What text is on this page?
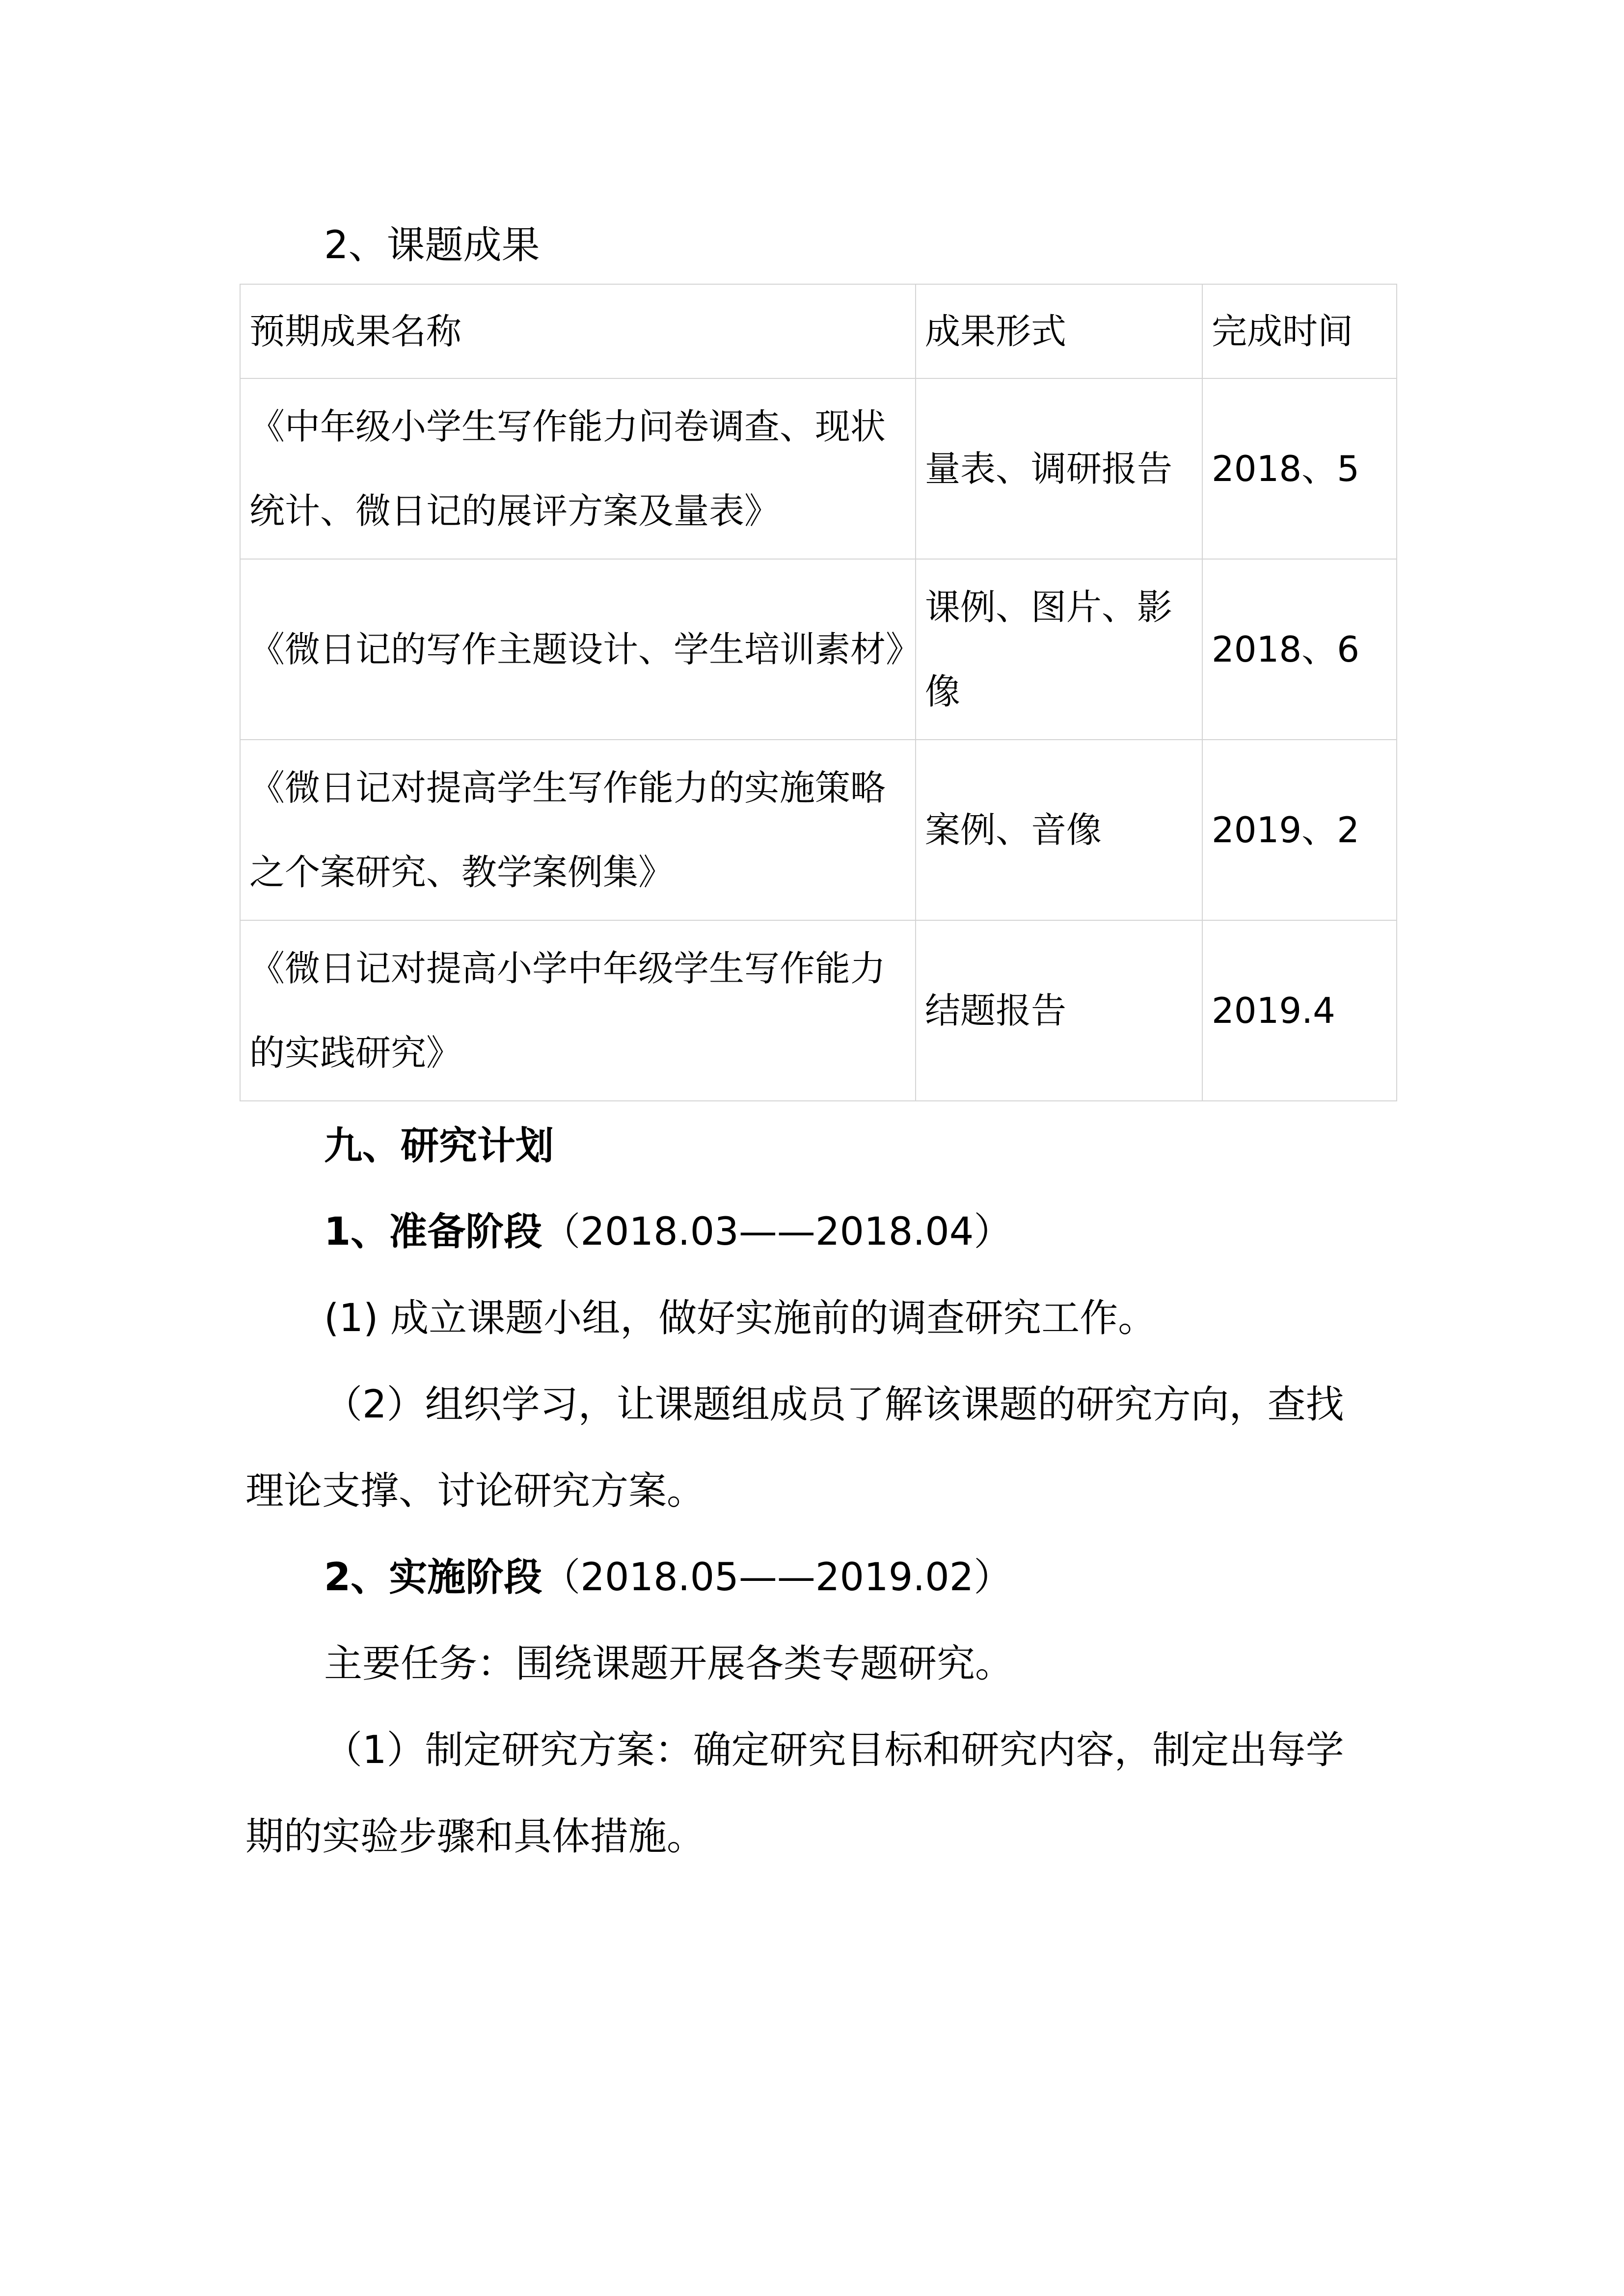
2、课题成果
预期成果名称	成果形式	完成时间
《中年级小学生写作能力问卷调查、现状统计、微日记的展评方案及量表》	量表、调研报告	2018、5
《微日记的写作主题设计、学生培训素材》	课例、图片、影像	2018、6
《微日记对提高学生写作能力的实施策略之个案研究、教学案例集》	案例、音像	2019、2
《微日记对提高小学中年级学生写作能力的实践研究》	结题报告	2019.4
九、研究计划
1、准备阶段（2018.03——2018.04）
(1) 成立课题小组，做好实施前的调查研究工作。
（2）组织学习，让课题组成员了解该课题的研究方向，查找
理论支撑、讨论研究方案。
2、实施阶段（2018.05——2019.02）
主要任务：围绕课题开展各类专题研究。
（1）制定研究方案：确定研究目标和研究内容，制定出每学
期的实验步骤和具体措施。
